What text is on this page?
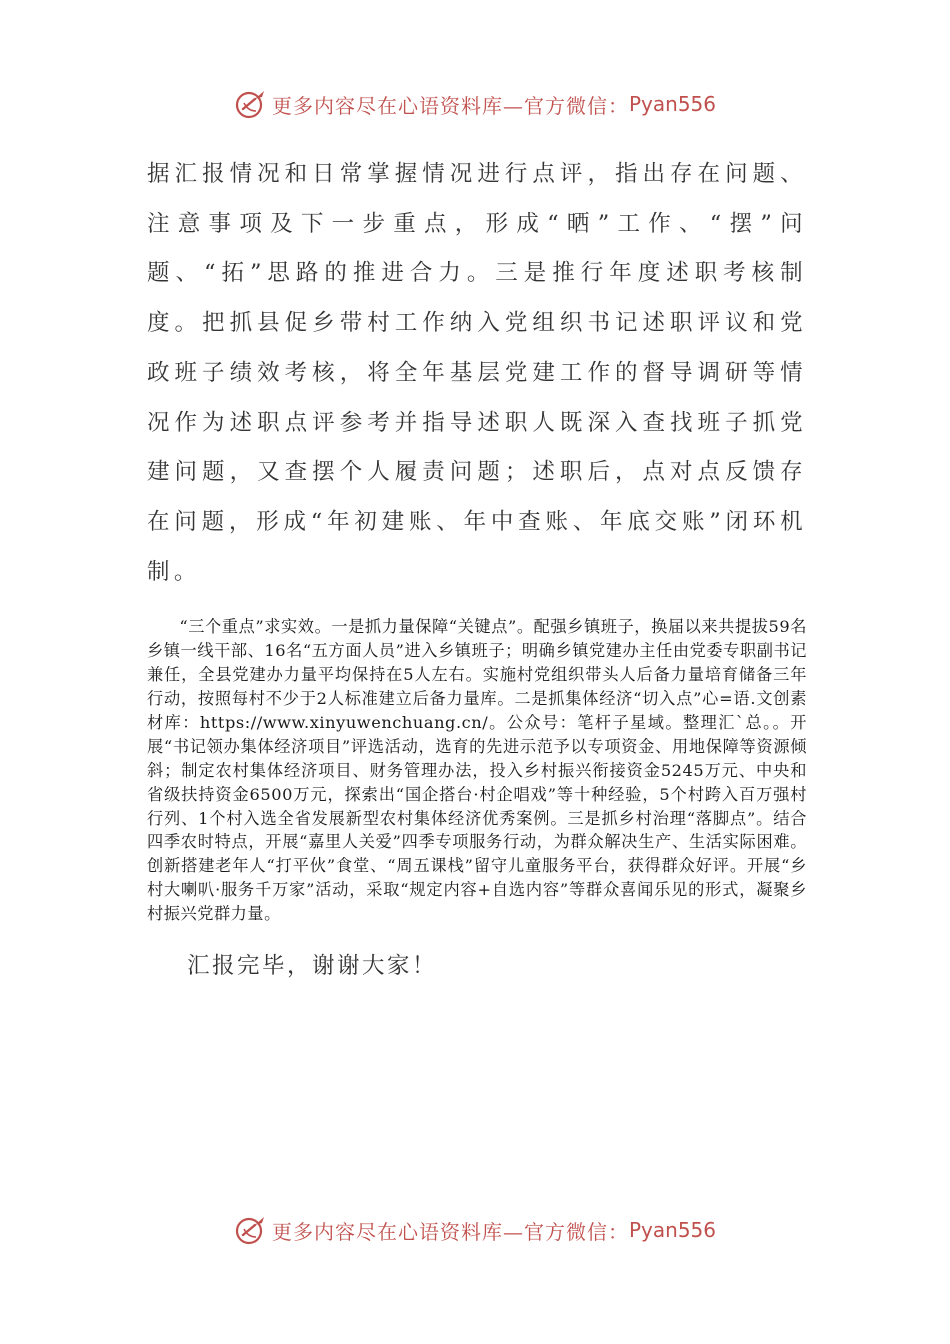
更多内容尽在心语资料库—官方微信： Pyan556

据汇报情况和日常掌握情况进行点评，指出存在问题、注意事项及下一步重点，形成“晒”工作、“摆”问题、“拓”思路的推进合力。三是推行年度述职考核制度。把抓县促乡带村工作纳入党组织书记述职评议和党政班子绩效考核，将全年基层党建工作的督导调研等情况作为述职点评参考并指导述职人既深入查找班子抓党建问题，又查摆个人履责问题；述职后，点对点反馈存在问题，形成“年初建账、年中查账、年底交账”闭环机制。

“三个重点”求实效。一是抓力量保障“关键点”。配强乡镇班子，换届以来共提拔59名乡镇一线干部、16名“五方面人员”进入乡镇班子；明确乡镇党建办主任由党委专职副书记兼任，全县党建办力量平均保持在5人左右。实施村党组织带头人后备力量培育储备三年行动，按照每村不少于2人标准建立后备力量库。二是抓集体经济“切入点”心=语.文创素材库：https://www.xinyuwenchuang.cn/。公众号：笔杆子星域。整理汇`总。。开展“书记领办集体经济项目”评选活动，选育的先进示范予以专项资金、用地保障等资源倾斜；制定农村集体经济项目、财务管理办法，投入乡村振兴衔接资金5245万元、中央和省级扶持资金6500万元，探索出“国企搭台·村企唱戏”等十种经验，5个村跨入百万强村行列、1个村入选全省发展新型农村集体经济优秀案例。三是抓乡村治理“落脚点”。结合四季农时特点，开展“嘉里人关爱”四季专项服务行动，为群众解决生产、生活实际困难。创新搭建老年人“打平伙”食堂、“周五课栈”留守儿童服务平台，获得群众好评。开展“乡村大喇叭·服务千万家”活动，采取“规定内容+自选内容”等群众喜闻乐见的形式，凝聚乡村振兴党群力量。

汇报完毕，谢谢大家！

更多内容尽在心语资料库—官方微信： Pyan556
